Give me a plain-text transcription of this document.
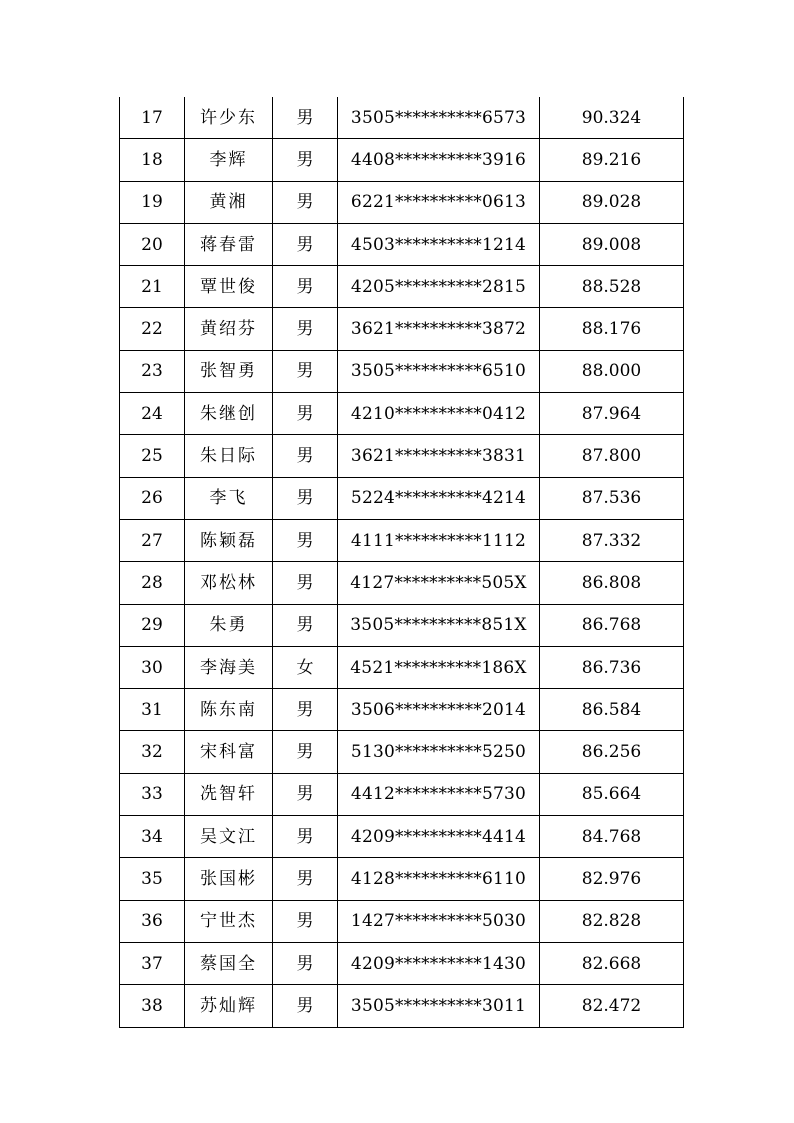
17	许少东	男	3505**********6573	90.324
18	李辉	男	4408**********3916	89.216
19	黄湘	男	6221**********0613	89.028
20	蒋春雷	男	4503**********1214	89.008
21	覃世俊	男	4205**********2815	88.528
22	黄绍芬	男	3621**********3872	88.176
23	张智勇	男	3505**********6510	88.000
24	朱继创	男	4210**********0412	87.964
25	朱日际	男	3621**********3831	87.800
26	李飞	男	5224**********4214	87.536
27	陈颖磊	男	4111**********1112	87.332
28	邓松林	男	4127**********505X	86.808
29	朱勇	男	3505**********851X	86.768
30	李海美	女	4521**********186X	86.736
31	陈东南	男	3506**********2014	86.584
32	宋科富	男	5130**********5250	86.256
33	冼智轩	男	4412**********5730	85.664
34	吴文江	男	4209**********4414	84.768
35	张国彬	男	4128**********6110	82.976
36	宁世杰	男	1427**********5030	82.828
37	蔡国全	男	4209**********1430	82.668
38	苏灿辉	男	3505**********3011	82.472
